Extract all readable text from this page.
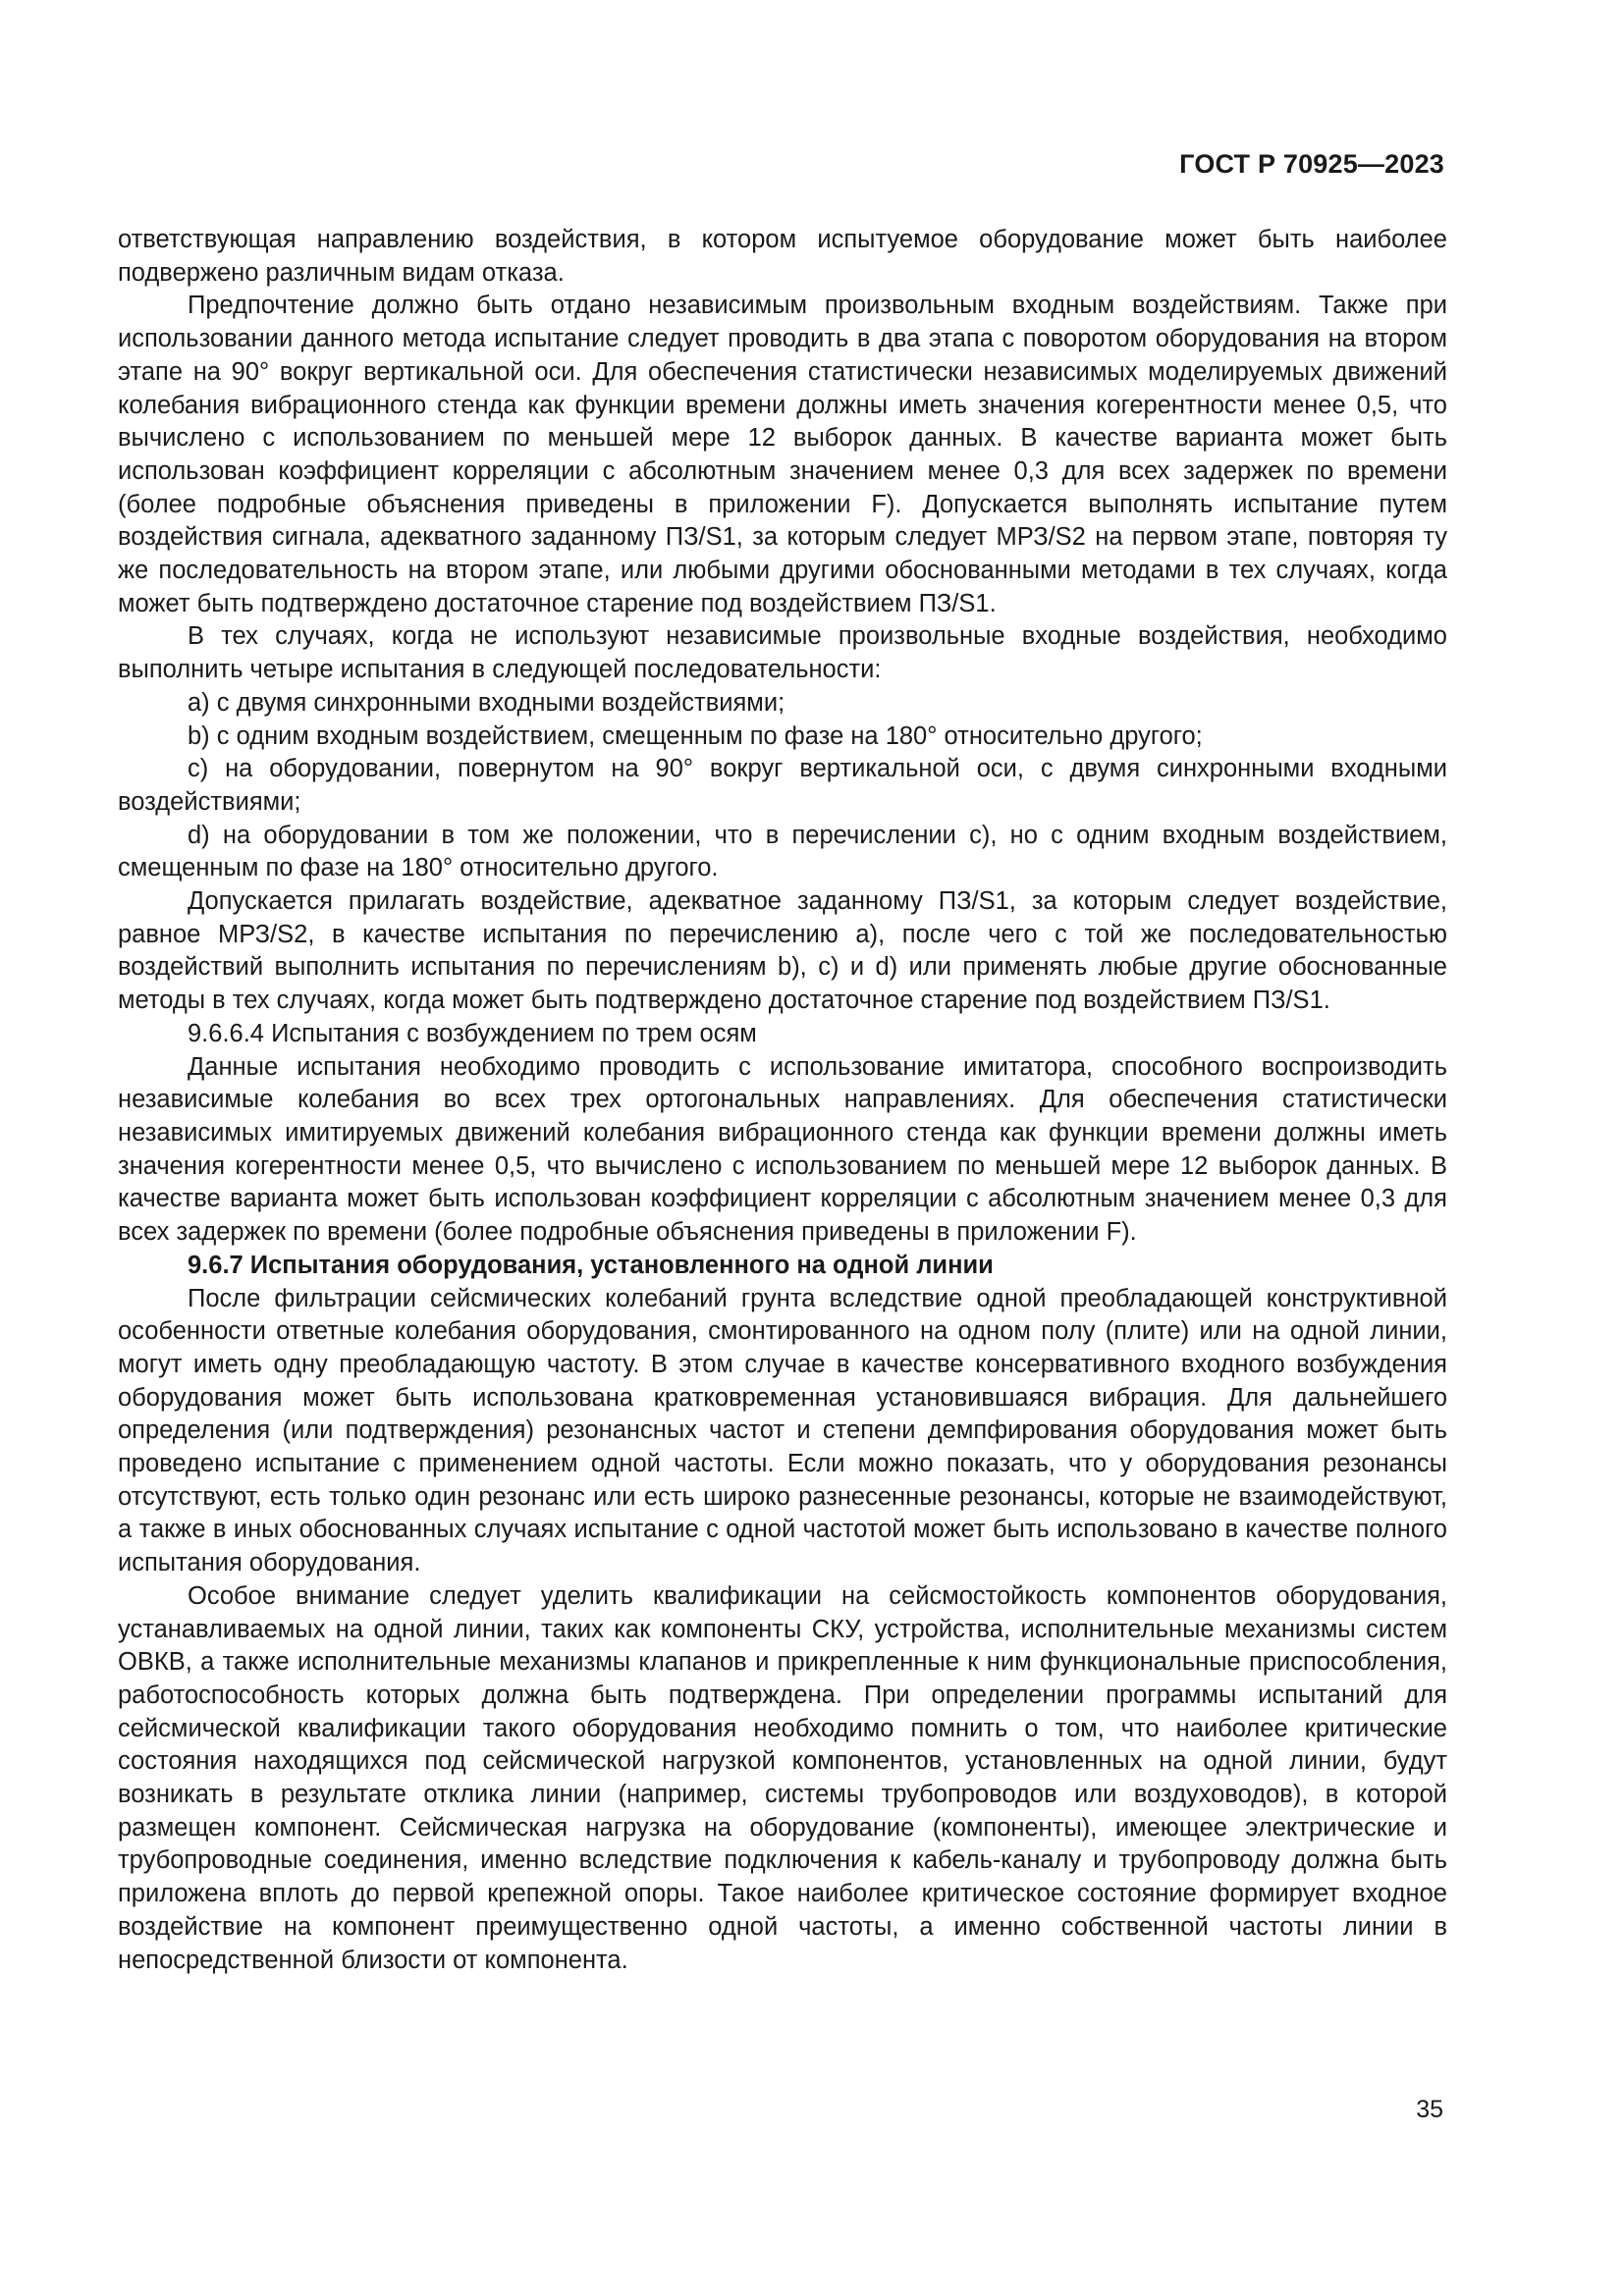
ГОСТ Р 70925—2023

ответствующая направлению воздействия, в котором испытуемое оборудование может быть наиболее подвержено различным видам отказа.

Предпочтение должно быть отдано независимым произвольным входным воздействиям. Также при использовании данного метода испытание следует проводить в два этапа с поворотом оборудования на втором этапе на 90° вокруг вертикальной оси. Для обеспечения статистически независимых моделируемых движений колебания вибрационного стенда как функции времени должны иметь значения когерентности менее 0,5, что вычислено с использованием по меньшей мере 12 выборок данных. В качестве варианта может быть использован коэффициент корреляции с абсолютным значением менее 0,3 для всех задержек по времени (более подробные объяснения приведены в приложении F). Допускается выполнять испытание путем воздействия сигнала, адекватного заданному ПЗ/S1, за которым следует МРЗ/S2 на первом этапе, повторяя ту же последовательность на втором этапе, или любыми другими обоснованными методами в тех случаях, когда может быть подтверждено достаточное старение под воздействием ПЗ/S1.

В тех случаях, когда не используют независимые произвольные входные воздействия, необходимо выполнить четыре испытания в следующей последовательности:

a) с двумя синхронными входными воздействиями;

b) с одним входным воздействием, смещенным по фазе на 180° относительно другого;

c) на оборудовании, повернутом на 90° вокруг вертикальной оси, с двумя синхронными входными воздействиями;

d) на оборудовании в том же положении, что в перечислении c), но с одним входным воздействием, смещенным по фазе на 180° относительно другого.

Допускается прилагать воздействие, адекватное заданному ПЗ/S1, за которым следует воздействие, равное МРЗ/S2, в качестве испытания по перечислению a), после чего с той же последовательностью воздействий выполнить испытания по перечислениям b), c) и d) или применять любые другие обоснованные методы в тех случаях, когда может быть подтверждено достаточное старение под воздействием ПЗ/S1.

9.6.6.4 Испытания с возбуждением по трем осям

Данные испытания необходимо проводить с использование имитатора, способного воспроизводить независимые колебания во всех трех ортогональных направлениях. Для обеспечения статистически независимых имитируемых движений колебания вибрационного стенда как функции времени должны иметь значения когерентности менее 0,5, что вычислено с использованием по меньшей мере 12 выборок данных. В качестве варианта может быть использован коэффициент корреляции с абсолютным значением менее 0,3 для всех задержек по времени (более подробные объяснения приведены в приложении F).

9.6.7 Испытания оборудования, установленного на одной линии

После фильтрации сейсмических колебаний грунта вследствие одной преобладающей конструктивной особенности ответные колебания оборудования, смонтированного на одном полу (плите) или на одной линии, могут иметь одну преобладающую частоту. В этом случае в качестве консервативного входного возбуждения оборудования может быть использована кратковременная установившаяся вибрация. Для дальнейшего определения (или подтверждения) резонансных частот и степени демпфирования оборудования может быть проведено испытание с применением одной частоты. Если можно показать, что у оборудования резонансы отсутствуют, есть только один резонанс или есть широко разнесенные резонансы, которые не взаимодействуют, а также в иных обоснованных случаях испытание с одной частотой может быть использовано в качестве полного испытания оборудования.

Особое внимание следует уделить квалификации на сейсмостойкость компонентов оборудования, устанавливаемых на одной линии, таких как компоненты СКУ, устройства, исполнительные механизмы систем ОВКВ, а также исполнительные механизмы клапанов и прикрепленные к ним функциональные приспособления, работоспособность которых должна быть подтверждена. При определении программы испытаний для сейсмической квалификации такого оборудования необходимо помнить о том, что наиболее критические состояния находящихся под сейсмической нагрузкой компонентов, установленных на одной линии, будут возникать в результате отклика линии (например, системы трубопроводов или воздуховодов), в которой размещен компонент. Сейсмическая нагрузка на оборудование (компоненты), имеющее электрические и трубопроводные соединения, именно вследствие подключения к кабель-каналу и трубопроводу должна быть приложена вплоть до первой крепежной опоры. Такое наиболее критическое состояние формирует входное воздействие на компонент преимущественно одной частоты, а именно собственной частоты линии в непосредственной близости от компонента.

35
